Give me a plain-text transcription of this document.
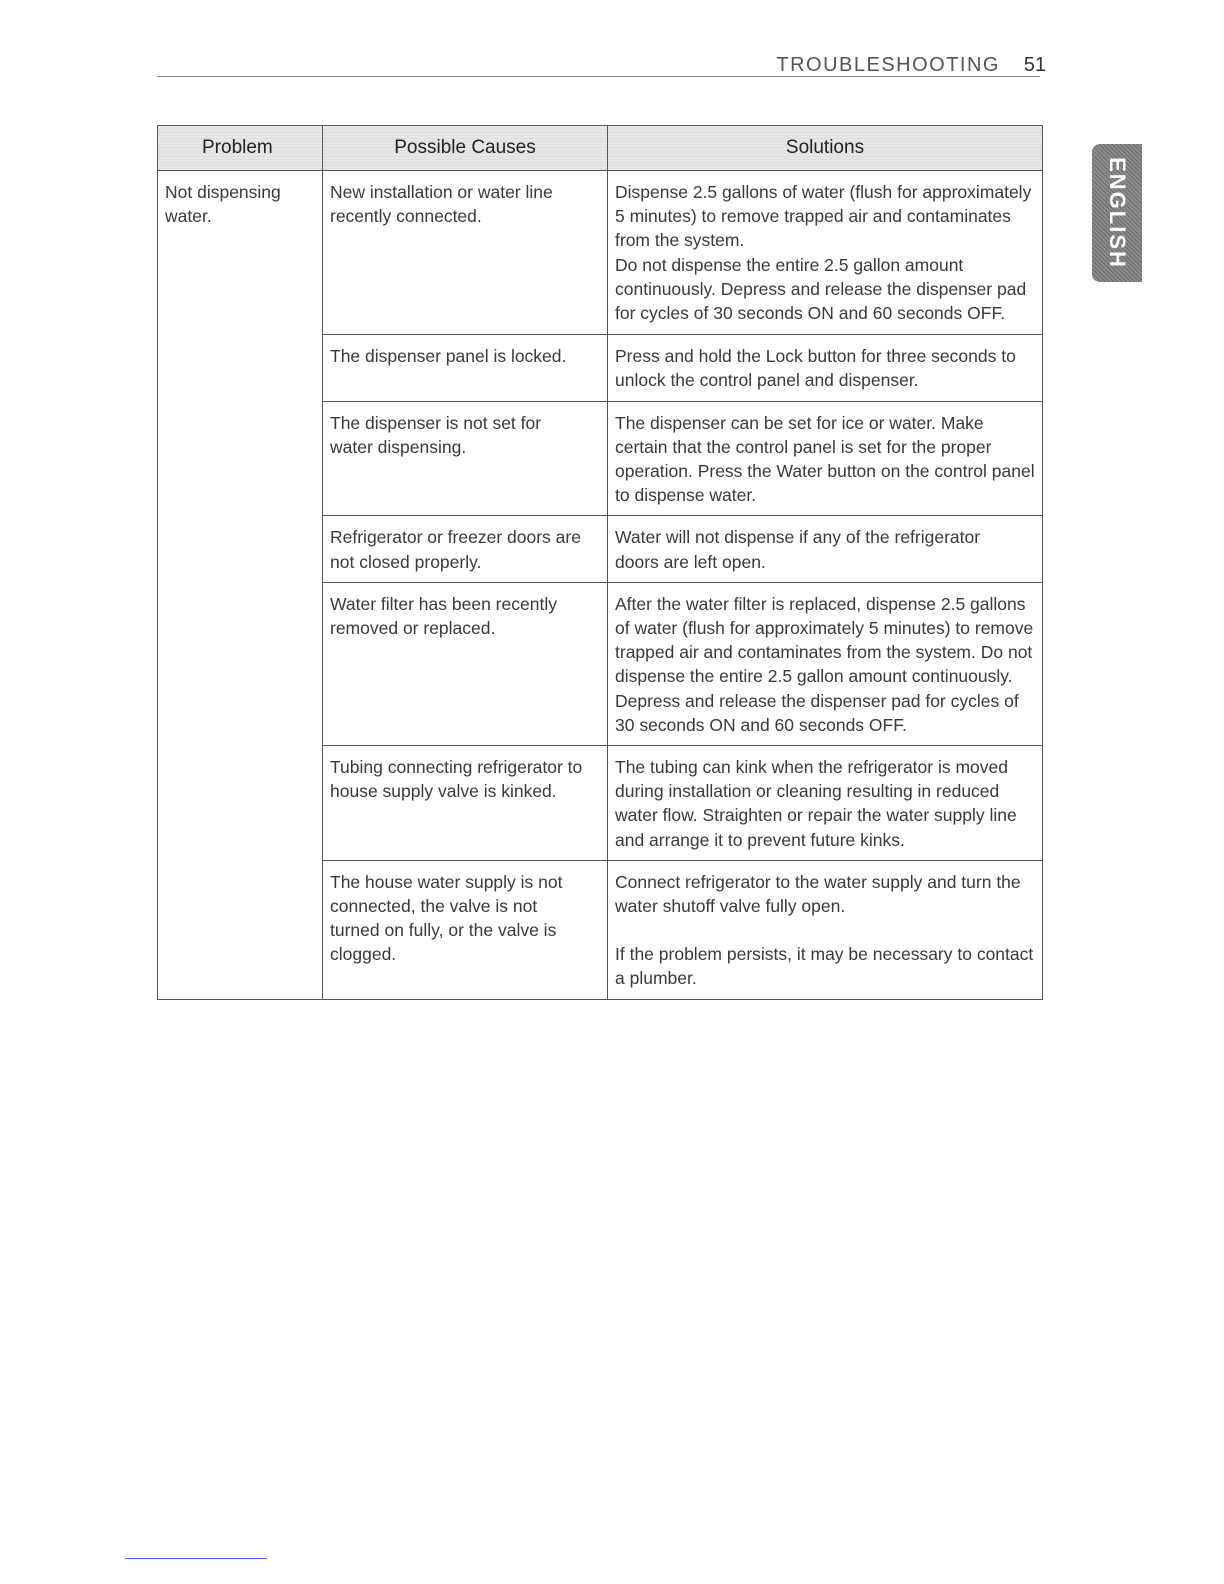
TROUBLESHOOTING	51
ENGLISH
Problem	Possible Causes	Solutions
Not dispensing water.	New installation or water line recently connected.	Dispense 2.5 gallons of water (flush for approximately 5 minutes) to remove trapped air and contaminates from the system.
Do not dispense the entire 2.5 gallon amount continuously. Depress and release the dispenser pad for cycles of 30 seconds ON and 60 seconds OFF.

	The dispenser panel is locked.	Press and hold the Lock button for three seconds to unlock the control panel and dispenser.

	The dispenser is not set for water dispensing.	The dispenser can be set for ice or water. Make certain that the control panel is set for the proper operation. Press the Water button on the control panel to dispense water.

	Refrigerator or freezer doors are not closed properly.	Water will not dispense if any of the refrigerator doors are left open.

	Water filter has been recently removed or replaced.	After the water filter is replaced, dispense 2.5 gallons of water (flush for approximately 5 minutes) to remove trapped air and contaminates from the system. Do not dispense the entire 2.5 gallon amount continuously. Depress and release the dispenser pad for cycles of 30 seconds ON and 60 seconds OFF.

	Tubing connecting refrigerator to house supply valve is kinked.	The tubing can kink when the refrigerator is moved during installation or cleaning resulting in reduced water flow. Straighten or repair the water supply line and arrange it to prevent future kinks.

	The house water supply is not connected, the valve is not turned on fully, or the valve is clogged.	Connect refrigerator to the water supply and turn the water shutoff valve fully open.
If the problem persists, it may be necessary to contact a plumber.
